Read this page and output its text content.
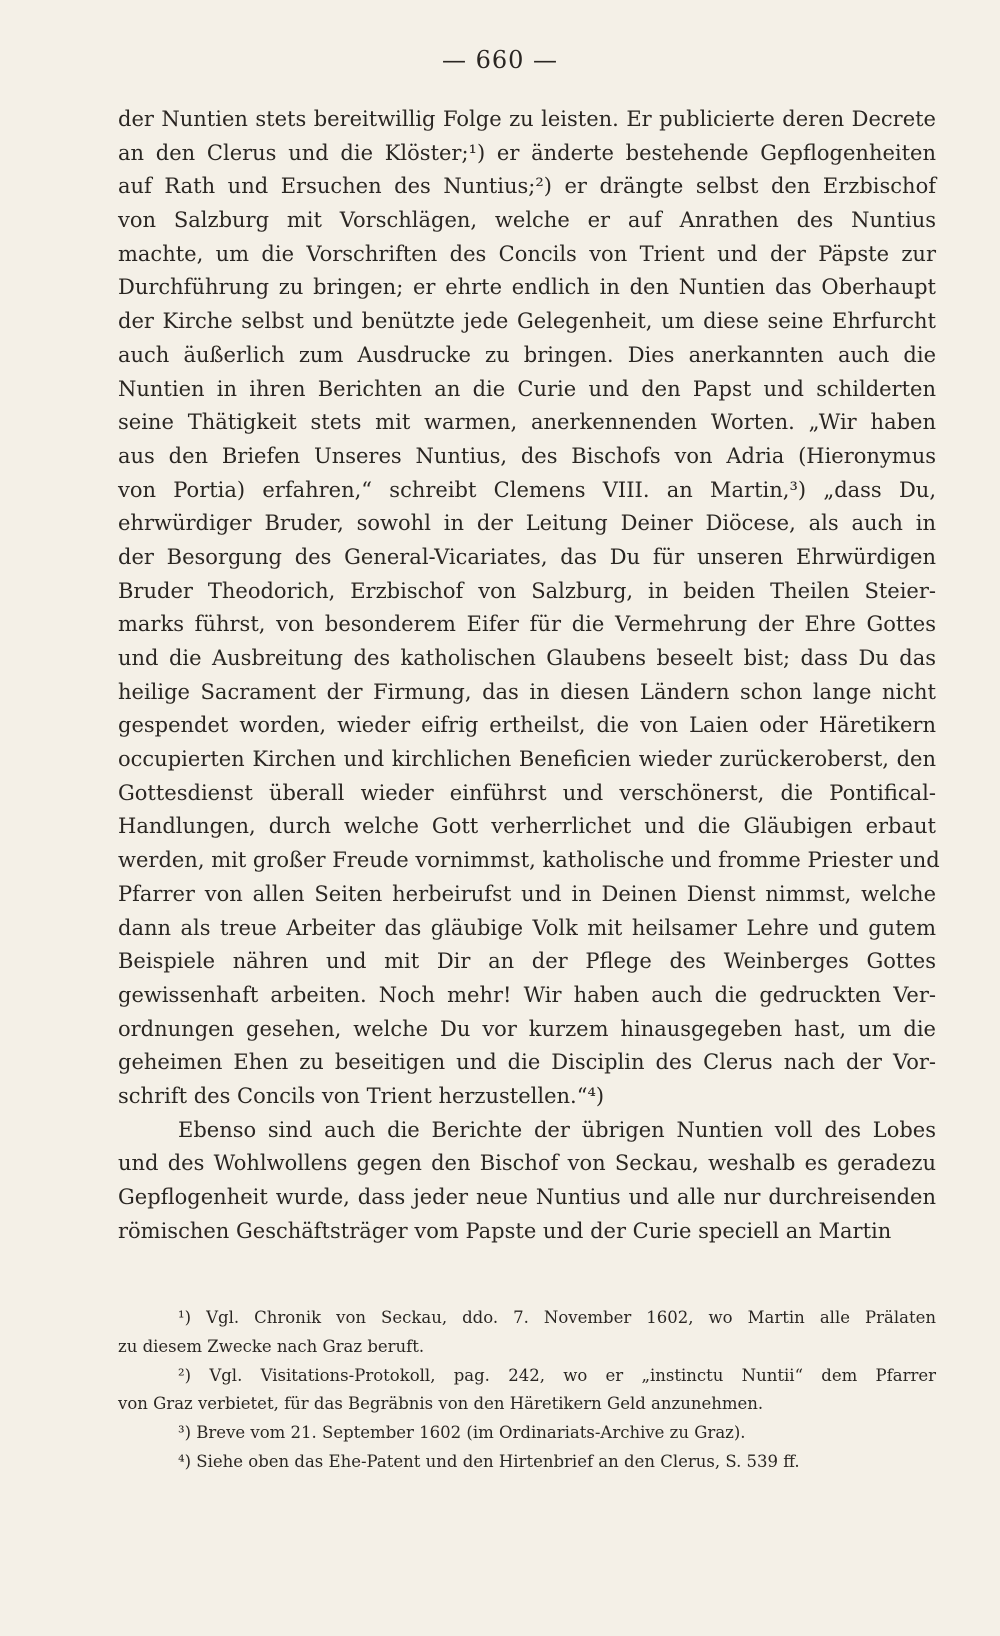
— 660 —
der Nuntien stets bereitwillig Folge zu leisten. Er publicierte deren Decrete
an den Clerus und die Klöster;¹) er änderte bestehende Gepflogenheiten
auf Rath und Ersuchen des Nuntius;²) er drängte selbst den Erzbischof
von Salzburg mit Vorschlägen, welche er auf Anrathen des Nuntius
machte, um die Vorschriften des Concils von Trient und der Päpste zur
Durchführung zu bringen; er ehrte endlich in den Nuntien das Oberhaupt
der Kirche selbst und benützte jede Gelegenheit, um diese seine Ehrfurcht
auch äußerlich zum Ausdrucke zu bringen. Dies anerkannten auch die
Nuntien in ihren Berichten an die Curie und den Papst und schilderten
seine Thätigkeit stets mit warmen, anerkennenden Worten. „Wir haben
aus den Briefen Unseres Nuntius, des Bischofs von Adria (Hieronymus
von Portia) erfahren,“ schreibt Clemens VIII. an Martin,³) „dass Du,
ehrwürdiger Bruder, sowohl in der Leitung Deiner Diöcese, als auch in
der Besorgung des General-Vicariates, das Du für unseren Ehrwürdigen
Bruder Theodorich, Erzbischof von Salzburg, in beiden Theilen Steier-
marks führst, von besonderem Eifer für die Vermehrung der Ehre Gottes
und die Ausbreitung des katholischen Glaubens beseelt bist; dass Du das
heilige Sacrament der Firmung, das in diesen Ländern schon lange nicht
gespendet worden, wieder eifrig ertheilst, die von Laien oder Häretikern
occupierten Kirchen und kirchlichen Beneficien wieder zurückeroberst, den
Gottesdienst überall wieder einführst und verschönerst, die Pontifical-
Handlungen, durch welche Gott verherrlichet und die Gläubigen erbaut
werden, mit großer Freude vornimmst, katholische und fromme Priester und
Pfarrer von allen Seiten herbeirufst und in Deinen Dienst nimmst, welche
dann als treue Arbeiter das gläubige Volk mit heilsamer Lehre und gutem
Beispiele nähren und mit Dir an der Pflege des Weinberges Gottes
gewissenhaft arbeiten. Noch mehr! Wir haben auch die gedruckten Ver-
ordnungen gesehen, welche Du vor kurzem hinausgegeben hast, um die
geheimen Ehen zu beseitigen und die Disciplin des Clerus nach der Vor-
schrift des Concils von Trient herzustellen.“⁴)
Ebenso sind auch die Berichte der übrigen Nuntien voll des Lobes
und des Wohlwollens gegen den Bischof von Seckau, weshalb es geradezu
Gepflogenheit wurde, dass jeder neue Nuntius und alle nur durchreisenden
römischen Geschäftsträger vom Papste und der Curie speciell an Martin
¹) Vgl. Chronik von Seckau, ddo. 7. November 1602, wo Martin alle Prälaten
zu diesem Zwecke nach Graz beruft.
²) Vgl. Visitations-Protokoll, pag. 242, wo er „instinctu Nuntii“ dem Pfarrer
von Graz verbietet, für das Begräbnis von den Häretikern Geld anzunehmen.
³) Breve vom 21. September 1602 (im Ordinariats-Archive zu Graz).
⁴) Siehe oben das Ehe-Patent und den Hirtenbrief an den Clerus, S. 539 ff.
